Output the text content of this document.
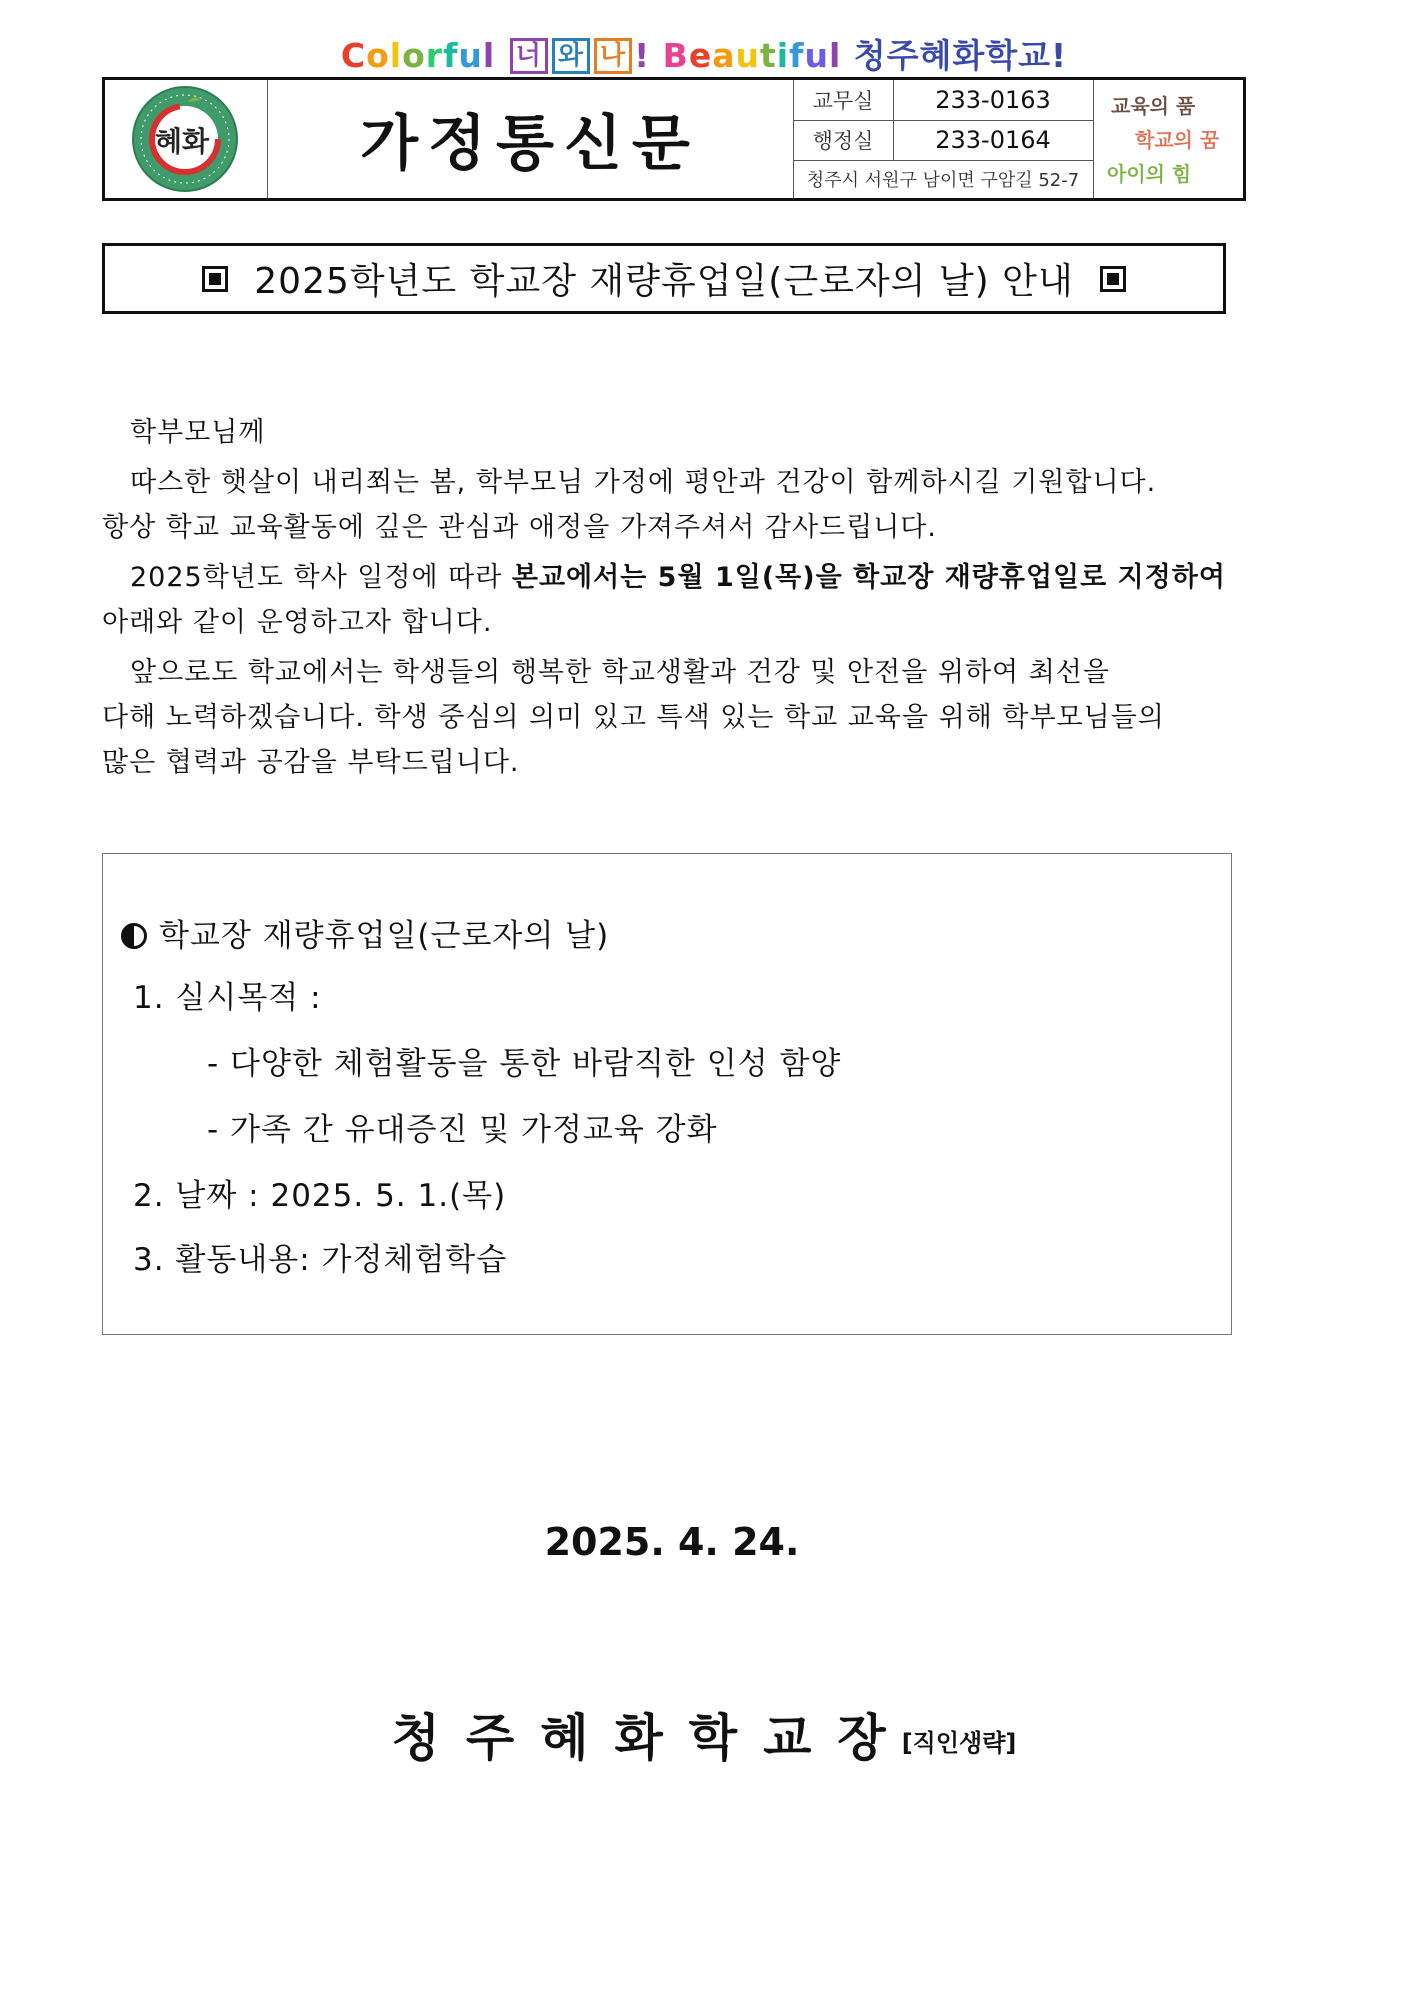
Colorful 너 와 나 ! Beautiful 청주혜화학교!
혜화	가정통신문
교무실	233-0163
행정실	233-0164
청주시 서원구 남이면 구암길 52-7
교육의 품
학교의 꿈
아이의 힘
2025학년도 학교장 재량휴업일(근로자의 날) 안내
학부모님께
따스한 햇살이 내리쬐는 봄, 학부모님 가정에 평안과 건강이 함께하시길 기원합니다.
항상 학교 교육활동에 깊은 관심과 애정을 가져주셔서 감사드립니다.
2025학년도 학사 일정에 따라 본교에서는 5월 1일(목)을 학교장 재량휴업일로 지정하여
아래와 같이 운영하고자 합니다.
앞으로도 학교에서는 학생들의 행복한 학교생활과 건강 및 안전을 위하여 최선을
다해 노력하겠습니다. 학생 중심의 의미 있고 특색 있는 학교 교육을 위해 학부모님들의
많은 협력과 공감을 부탁드립니다.
학교장 재량휴업일(근로자의 날)
1. 실시목적 :
- 다양한 체험활동을 통한 바람직한 인성 함양
- 가족 간 유대증진 및 가정교육 강화
2. 날짜 : 2025. 5. 1.(목)
3. 활동내용: 가정체험학습
2025. 4. 24.
청주혜화학교장[직인생략]
